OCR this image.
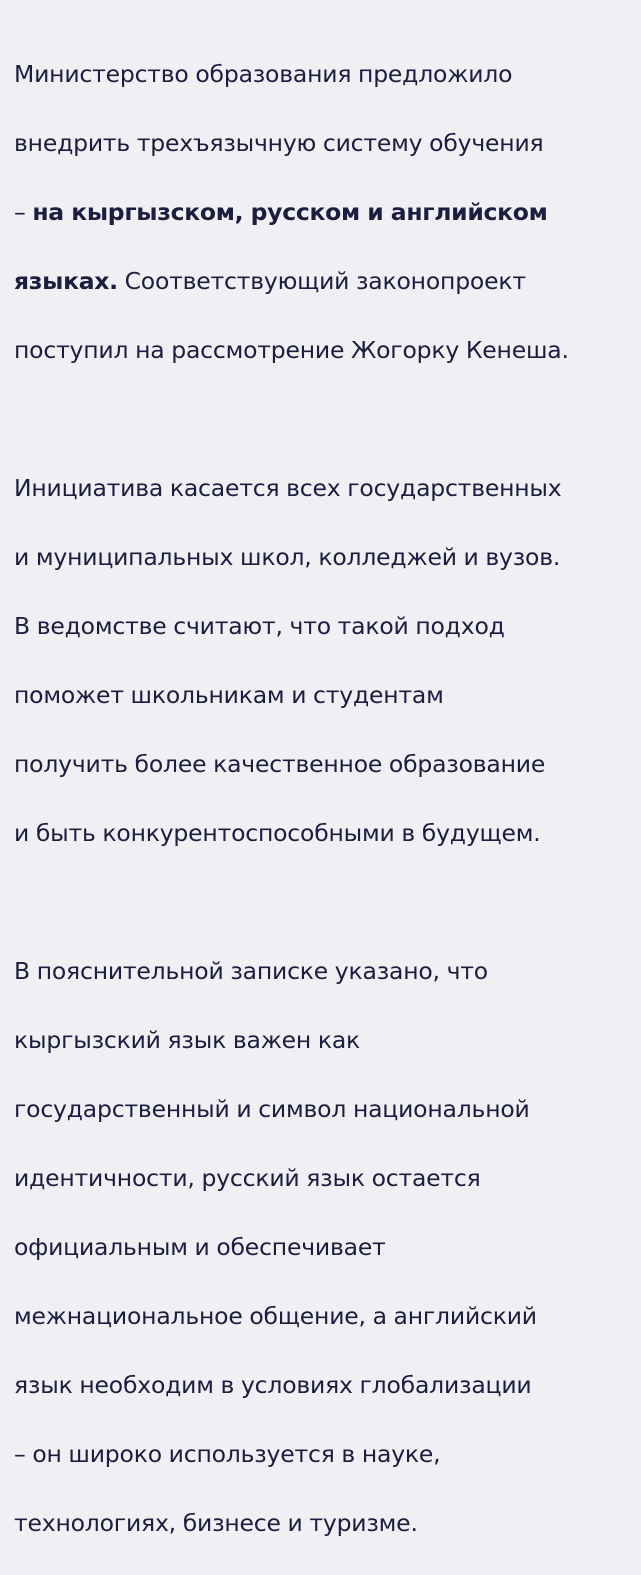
Министерство образования предложило

внедрить трехъязычную систему обучения

– на кыргызском, русском и английском

языках. Соответствующий законопроект

поступил на рассмотрение Жогорку Кенеша.

Инициатива касается всех государственных

и муниципальных школ, колледжей и вузов.

В ведомстве считают, что такой подход

поможет школьникам и студентам

получить более качественное образование

и быть конкурентоспособными в будущем.

В пояснительной записке указано, что

кыргызский язык важен как

государственный и символ национальной

идентичности, русский язык остается

официальным и обеспечивает

межнациональное общение, а английский

язык необходим в условиях глобализации

– он широко используется в науке,

технологиях, бизнесе и туризме.
